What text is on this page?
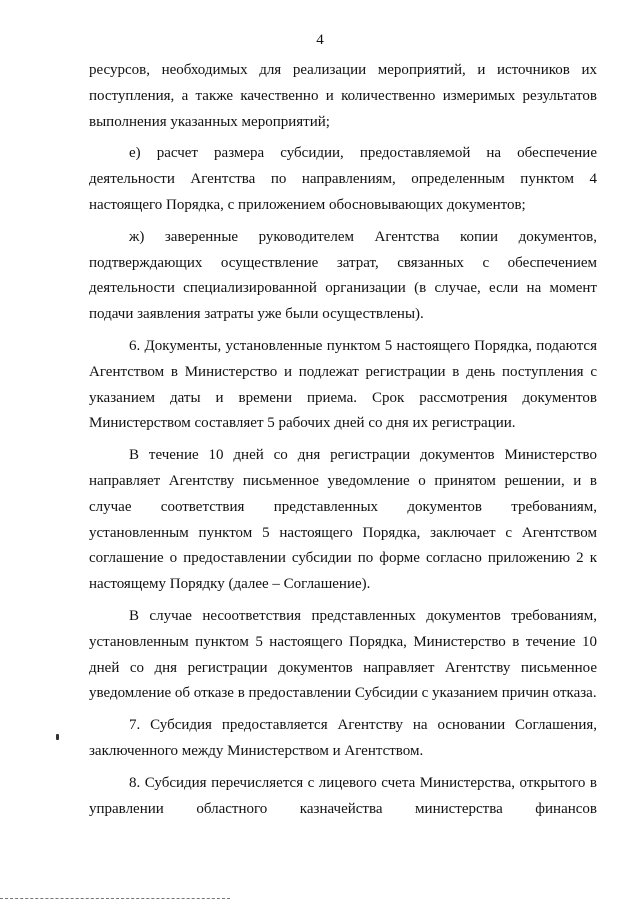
4

ресурсов, необходимых для реализации мероприятий, и источников их поступления, а также качественно и количественно измеримых результатов выполнения указанных мероприятий;

е) расчет размера субсидии, предоставляемой на обеспечение деятельности Агентства по направлениям, определенным пунктом 4 настоящего Порядка, с приложением обосновывающих документов;

ж) заверенные руководителем Агентства копии документов, подтверждающих осуществление затрат, связанных с обеспечением деятельности специализированной организации (в случае, если на момент подачи заявления затраты уже были осуществлены).

6. Документы, установленные пунктом 5 настоящего Порядка, подаются Агентством в Министерство и подлежат регистрации в день поступления с указанием даты и времени приема. Срок рассмотрения документов Министерством составляет 5 рабочих дней со дня их регистрации.

В течение 10 дней со дня регистрации документов Министерство направляет Агентству письменное уведомление о принятом решении, и в случае соответствия представленных документов требованиям, установленным пунктом 5 настоящего Порядка, заключает с Агентством соглашение о предоставлении субсидии по форме согласно приложению 2 к настоящему Порядку (далее – Соглашение).

В случае несоответствия представленных документов требованиям, установленным пунктом 5 настоящего Порядка, Министерство в течение 10 дней со дня регистрации документов направляет Агентству письменное уведомление об отказе в предоставлении Субсидии с указанием причин отказа.

7. Субсидия предоставляется Агентству на основании Соглашения, заключенного между Министерством и Агентством.

8. Субсидия перечисляется с лицевого счета Министерства, открытого в управлении областного казначейства министерства финансов
